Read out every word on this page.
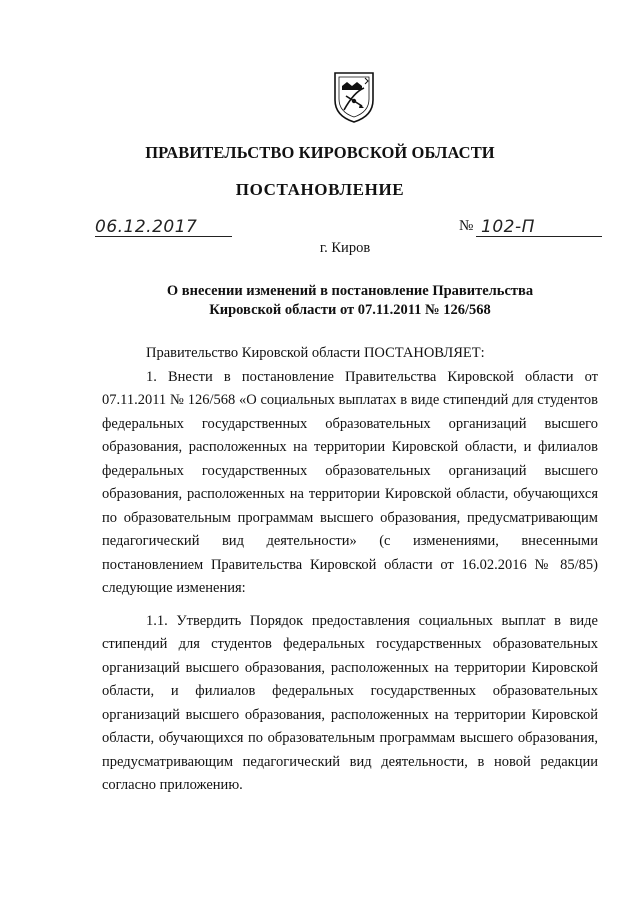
ПРАВИТЕЛЬСТВО КИРОВСКОЙ ОБЛАСТИ
ПОСТАНОВЛЕНИЕ
06.12.2017	№ 102-П
г. Киров
О внесении изменений в постановление Правительства
Кировской области от 07.11.2011 № 126/568

Правительство Кировской области ПОСТАНОВЛЯЕТ:

1. Внести в постановление Правительства Кировской области от 07.11.2011 № 126/568 «О социальных выплатах в виде стипендий для студентов федеральных государственных образовательных организаций высшего образования, расположенных на территории Кировской области, и филиалов федеральных государственных образовательных организаций высшего образования, расположенных на территории Кировской области, обучающихся по образовательным программам высшего образования, предусматривающим педагогический вид деятельности» (с изменениями, внесенными постановлением Правительства Кировской области от 16.02.2016 № 85/85) следующие изменения:

1.1. Утвердить Порядок предоставления социальных выплат в виде стипендий для студентов федеральных государственных образовательных организаций высшего образования, расположенных на территории Кировской области, и филиалов федеральных государственных образовательных организаций высшего образования, расположенных на территории Кировской области, обучающихся по образовательным программам высшего образования, предусматривающим педагогический вид деятельности, в новой редакции согласно приложению.
